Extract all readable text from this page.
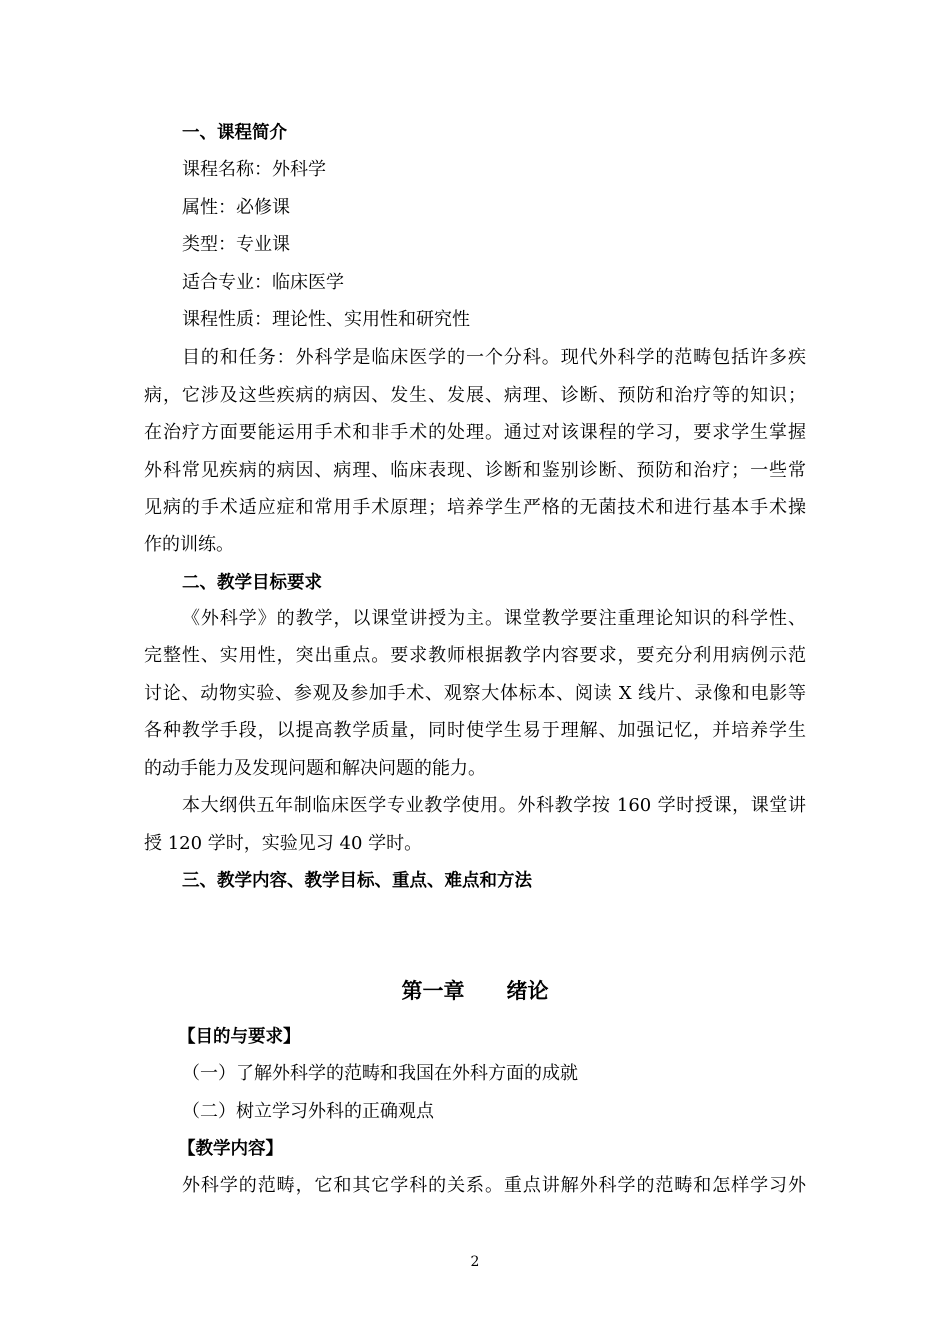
一、课程简介
课程名称：外科学
属性：必修课
类型：专业课
适合专业：临床医学
课程性质：理论性、实用性和研究性
目的和任务：外科学是临床医学的一个分科。现代外科学的范畴包括许多疾
病，它涉及这些疾病的病因、发生、发展、病理、诊断、预防和治疗等的知识；
在治疗方面要能运用手术和非手术的处理。通过对该课程的学习，要求学生掌握
外科常见疾病的病因、病理、临床表现、诊断和鉴别诊断、预防和治疗；一些常
见病的手术适应症和常用手术原理；培养学生严格的无菌技术和进行基本手术操
作的训练。
二、教学目标要求
《外科学》的教学，以课堂讲授为主。课堂教学要注重理论知识的科学性、
完整性、实用性，突出重点。要求教师根据教学内容要求，要充分利用病例示范
讨论、动物实验、参观及参加手术、观察大体标本、阅读 X 线片、录像和电影等
各种教学手段，以提高教学质量，同时使学生易于理解、加强记忆，并培养学生
的动手能力及发现问题和解决问题的能力。
本大纲供五年制临床医学专业教学使用。外科教学按 160 学时授课，课堂讲
授 120 学时，实验见习 40 学时。
三、教学内容、教学目标、重点、难点和方法
第一章　　绪论
【目的与要求】
（一）了解外科学的范畴和我国在外科方面的成就
（二）树立学习外科的正确观点
【教学内容】
外科学的范畴，它和其它学科的关系。重点讲解外科学的范畴和怎样学习外
2
